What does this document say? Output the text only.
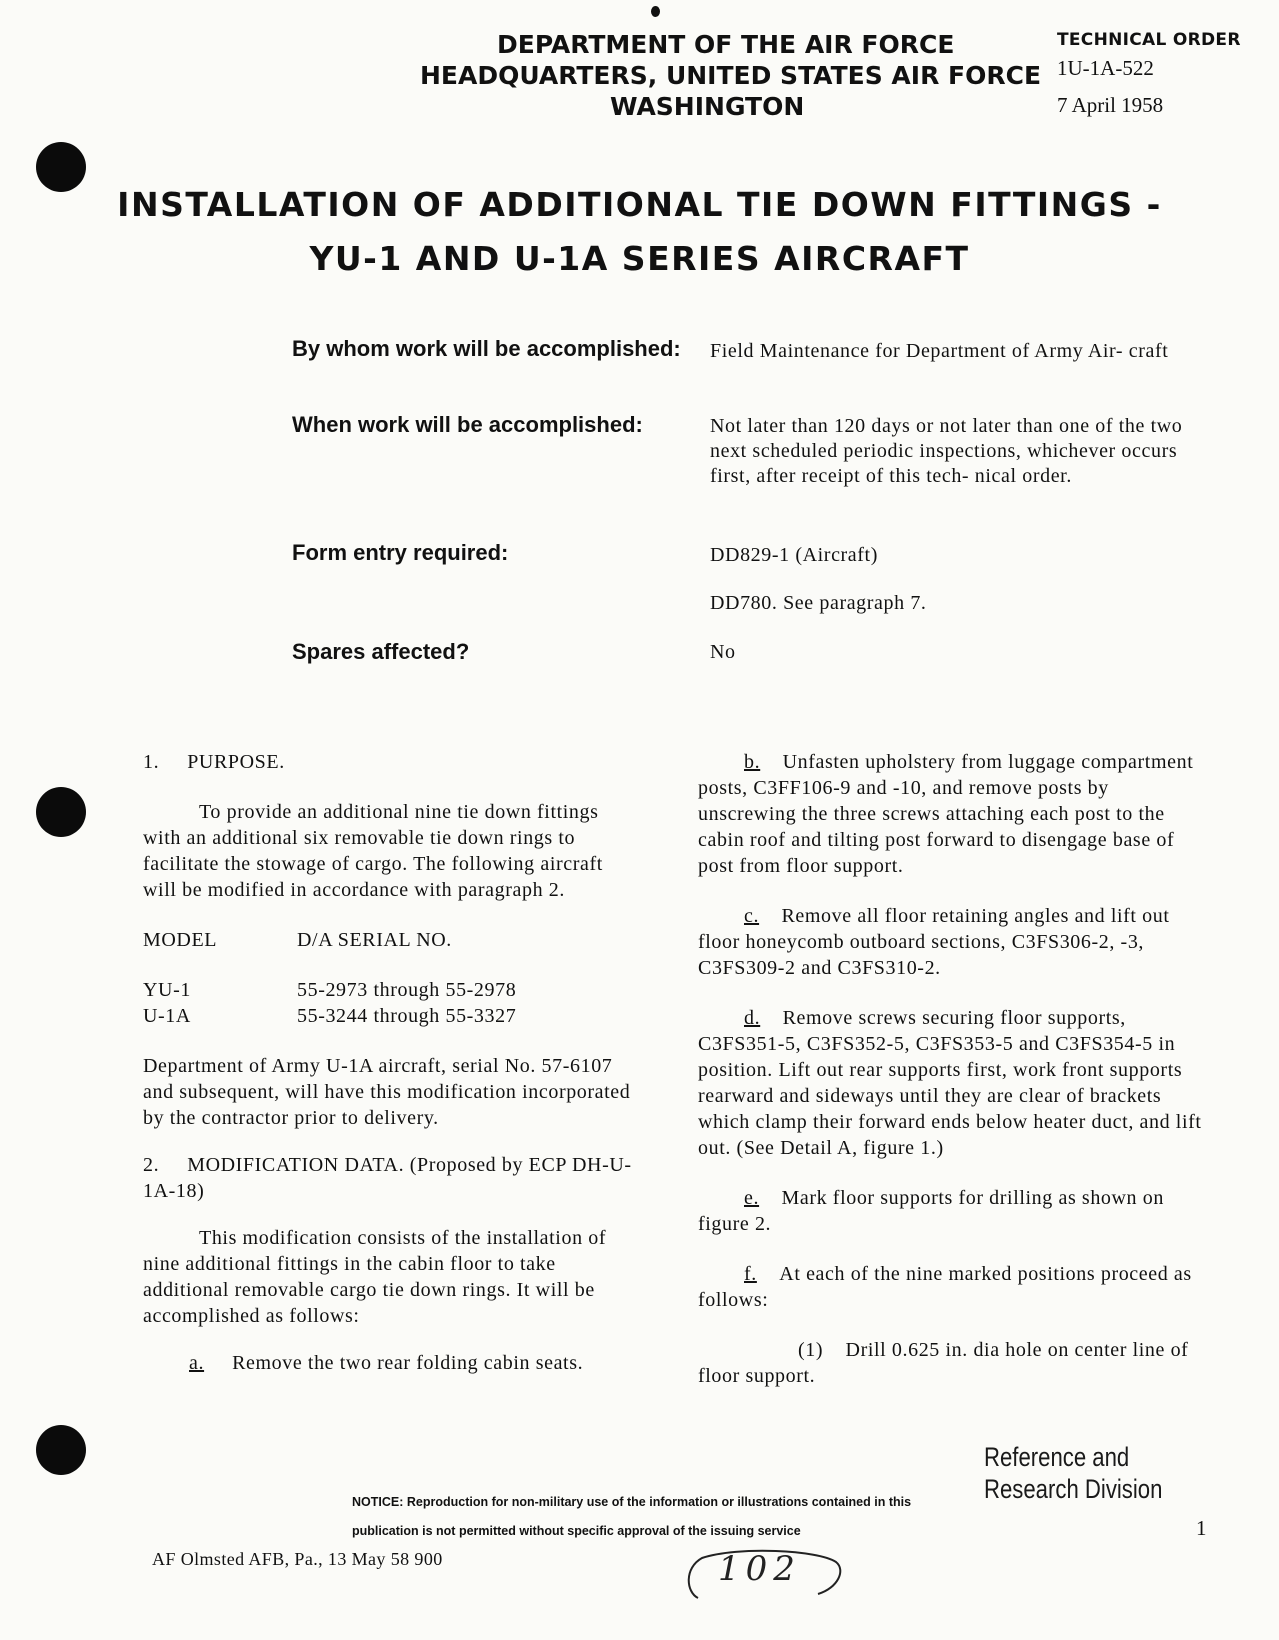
DEPARTMENT OF THE AIR FORCE
HEADQUARTERS, UNITED STATES AIR FORCE
WASHINGTON
TECHNICAL ORDER
1U-1A-522
7 April 1958
INSTALLATION OF ADDITIONAL TIE DOWN FITTINGS -
YU-1 AND U-1A SERIES AIRCRAFT
By whom work will be accomplished: Field Maintenance for Department of Army Air- craft
When work will be accomplished:	Not later than 120 days or not later than one of the two next scheduled periodic inspections, whichever occurs first, after receipt of this tech- nical order.
Form entry required:	DD829-1 (Aircraft)
DD780. See paragraph 7.
Spares affected?	No

1.     PURPOSE.

To provide an additional nine tie down fittings with an additional six removable tie down rings to facilitate the stowage of cargo. The following aircraft will be modified in accordance with paragraph 2.

MODEL	D/A SERIAL NO.
YU-1	55-2973 through 55-2978
U-1A	55-3244 through 55-3327

Department of Army U-1A aircraft, serial No. 57-6107 and subsequent, will have this modification incorporated by the contractor prior to delivery.

2.     MODIFICATION DATA. (Proposed by ECP DH-U-1A-18)

This modification consists of the installation of nine additional fittings in the cabin floor to take additional removable cargo tie down rings. It will be accomplished as follows:

a. Remove the two rear folding cabin seats.

b. Unfasten upholstery from luggage compartment posts, C3FF106-9 and -10, and remove posts by unscrewing the three screws attaching each post to the cabin roof and tilting post forward to disengage base of post from floor support.

c. Remove all floor retaining angles and lift out floor honeycomb outboard sections, C3FS306-2, -3, C3FS309-2 and C3FS310-2.

d. Remove screws securing floor supports, C3FS351-5, C3FS352-5, C3FS353-5 and C3FS354-5 in position. Lift out rear supports first, work front supports rearward and sideways until they are clear of brackets which clamp their forward ends below heater duct, and lift out. (See Detail A, figure 1.)

e. Mark floor supports for drilling as shown on figure 2.

f. At each of the nine marked positions proceed as follows:

(1) Drill 0.625 in. dia hole on center line of floor support.

Reference and
Research Division
NOTICE: Reproduction for non-military use of the information or illustrations contained in this
publication is not permitted without specific approval of the issuing service	1
AF Olmsted AFB, Pa., 13 May 58 900	102
